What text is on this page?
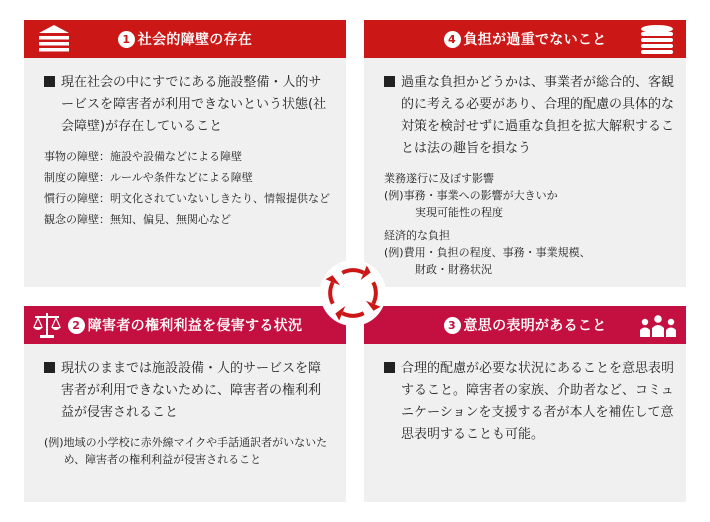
1 社会的障壁の存在
現在社会の中にすでにある施設整備・人的サービスを障害者が利用できないという状態(社会障壁)が存在していること
事物の障壁 ： 施設や設備などによる障壁
制度の障壁 ： ルールや条件などによる障壁
慣行の障壁 ： 明文化されていないしきたり、情報提供など
観念の障壁 ： 無知、偏見、無関心など
4 負担が過重でないこと
過重な負担かどうかは、事業者が総合的、客観的に考える必要があり、合理的配慮の具体的な対策を検討せずに過重な負担を拡大解釈することは法の趣旨を損なう
業務遂行に及ぼす影響
(例) 事務・事業への影響が大きいか
実現可能性の程度
経済的な負担
(例) 費用・負担の程度、事務・事業規模、
財政・財務状況
2 障害者の権利利益を侵害する状況
現状のままでは施設設備・人的サービスを障害者が利用できないために、障害者の権利利益が侵害されること
(例) 地域の小学校に赤外線マイクや手話通訳者がいないため、障害者の権利利益が侵害されること
3 意思の表明があること
合理的配慮が必要な状況にあることを意思表明すること。障害者の家族、介助者など、コミュニケーションを支援する者が本人を補佐して意思表明することも可能。
